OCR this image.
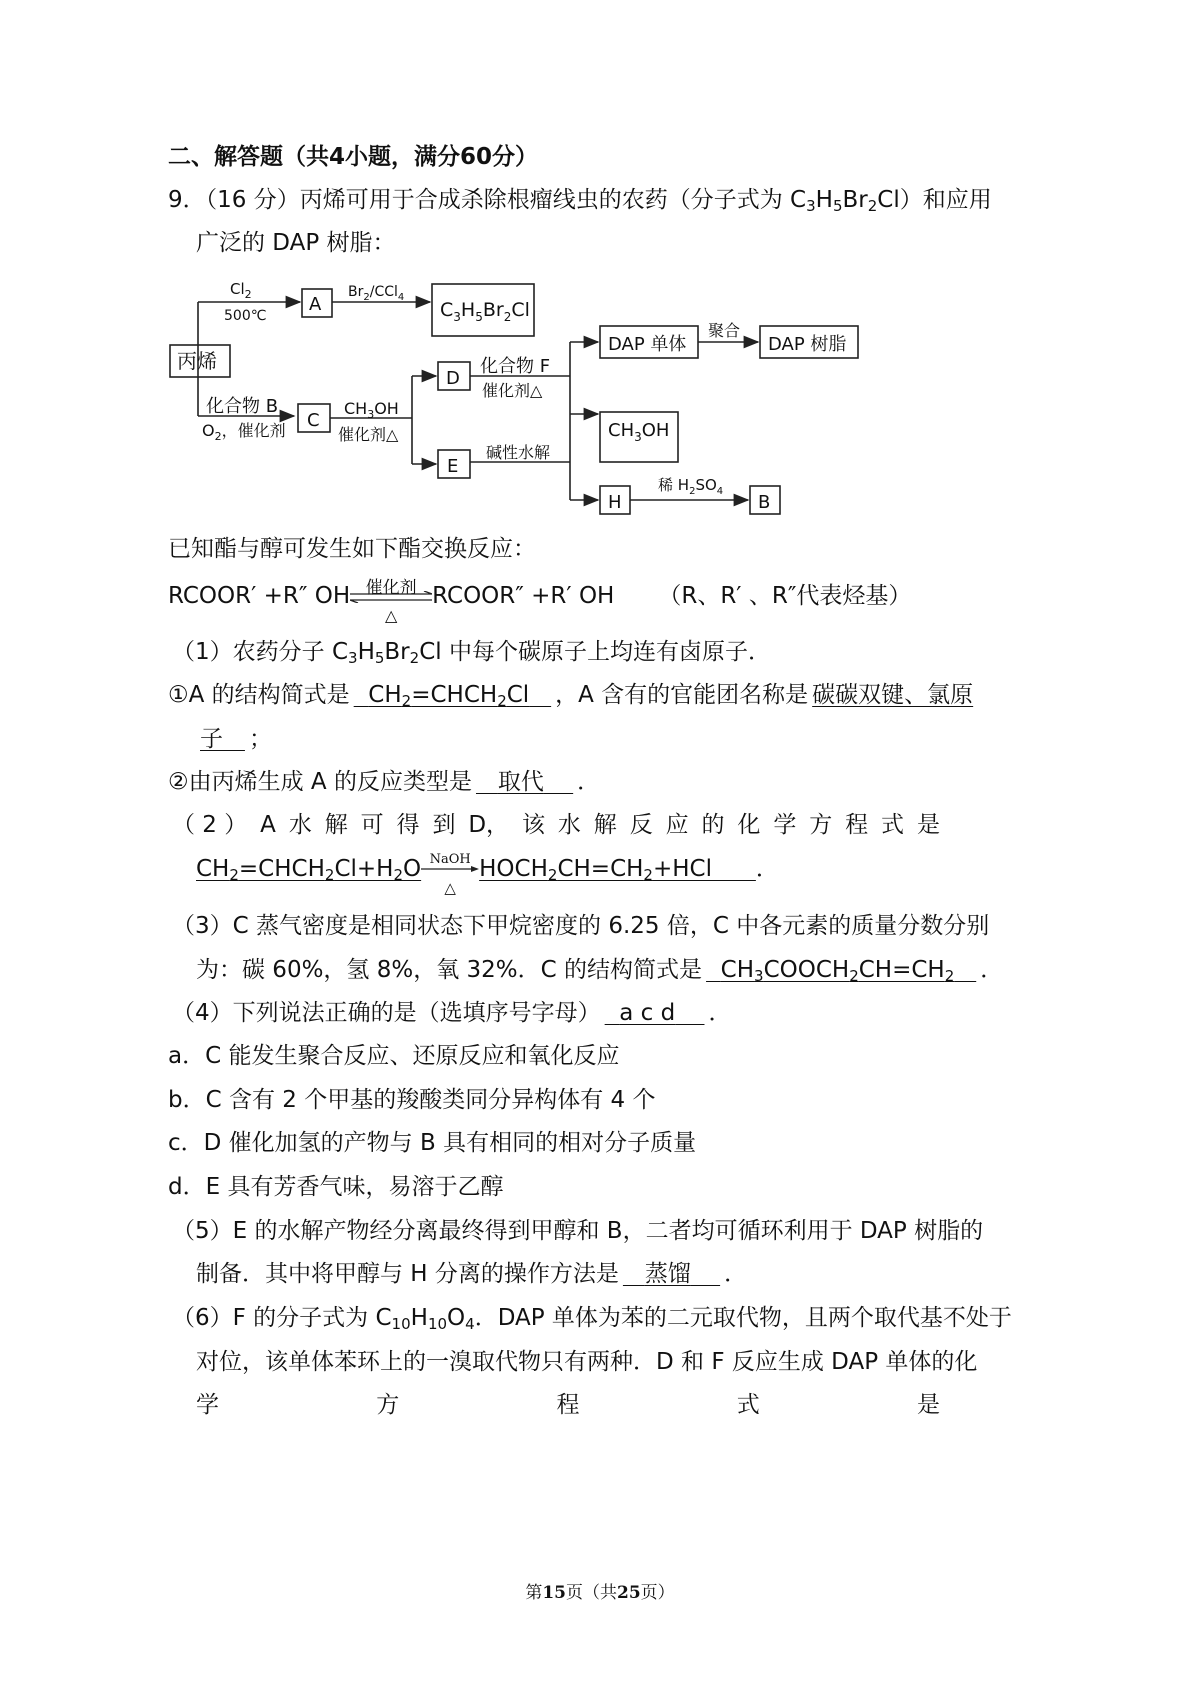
二、解答题（共4小题，满分60分）
9．（16 分）丙烯可用于合成杀除根瘤线虫的农药（分子式为 $C_3H_5Br_2Cl$）和应用
广泛的 DAP 树脂：
$Cl_2$
500℃
A
$Br_2/CCl_4$
$C_3H_5Br_2Cl$
丙烯
化合物 B
$O_2$，催化剂 C
$CH_3OH$
催化剂△
D
E
化合物 F
催化剂△
DAP 单体
聚合
DAP 树脂
碱性水解
$CH_3OH$
H
稀 $H_2SO_4$
B
已知酯与醇可发生如下酯交换反应：
RCOOR′ +R″ OH 催化剂
△
RCOOR″ +R′ OH （R、R′ 、R″代表烃基）
（1）农药分子 $C_3H_5Br_2Cl$ 中每个碳原子上均连有卤原子．
①A 的结构简式是 $CH_2=CHCH_2Cl$ ，A 含有的官能团名称是 碳碳双键、氯原
子 ；
②由丙烯生成 A 的反应类型是 取代 ．
（ 2 ） A 水 解 可 得 到 D， 该 水 解 反 应 的 化 学 方 程 式 是
$CH_2=CHCH_2Cl+H_2O$ NaOH
△
$HOCH_2CH=CH_2+HCl$ ．
（3）C 蒸气密度是相同状态下甲烷密度的 6.25 倍，C 中各元素的质量分数分别
为：碳 60%，氢 8%，氧 32%．C 的结构简式是 $CH_3COOCH_2CH=CH_2$ ．
（4）下列说法正确的是（选填序号字母） a c d ．
a．C 能发生聚合反应、还原反应和氧化反应
b．C 含有 2 个甲基的羧酸类同分异构体有 4 个
c．D 催化加氢的产物与 B 具有相同的相对分子质量
d．E 具有芳香气味，易溶于乙醇
（5）E 的水解产物经分离最终得到甲醇和 B，二者均可循环利用于 DAP 树脂的
制备．其中将甲醇与 H 分离的操作方法是 蒸馏 ．
（6）F 的分子式为 $C_{10}H_{10}O_4$．DAP 单体为苯的二元取代物，且两个取代基不处于
对位，该单体苯环上的一溴取代物只有两种．D 和 F 反应生成 DAP 单体的化
学	方	程	式	是
第15页（共25页）
